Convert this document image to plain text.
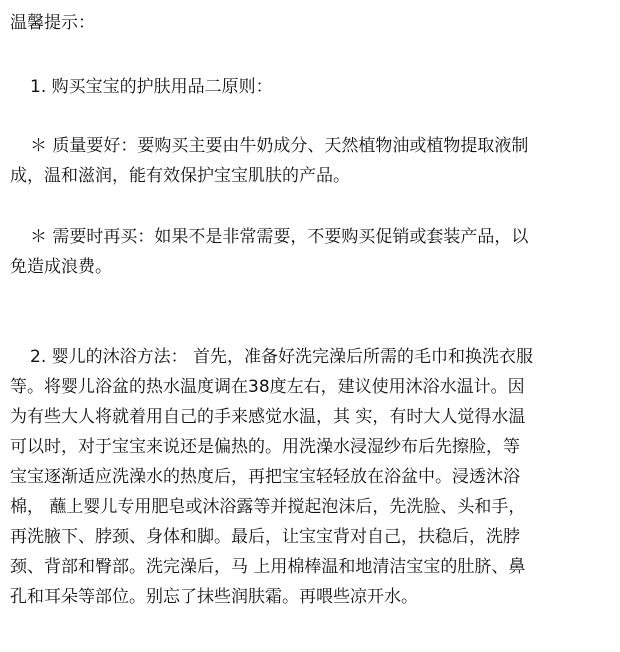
温馨提示：
1. 购买宝宝的护肤用品二原则：
＊ 质量要好：要购买主要由牛奶成分、天然植物油或植物提取液制
成，温和滋润，能有效保护宝宝肌肤的产品。
＊ 需要时再买：如果不是非常需要，不要购买促销或套装产品，以
免造成浪费。
2. 婴儿的沐浴方法： 首先，准备好洗完澡后所需的毛巾和换洗衣服
等。将婴儿浴盆的热水温度调在38度左右，建议使用沐浴水温计。因
为有些大人将就着用自己的手来感觉水温，其 实，有时大人觉得水温
可以时，对于宝宝来说还是偏热的。用洗澡水浸湿纱布后先擦脸，等
宝宝逐渐适应洗澡水的热度后，再把宝宝轻轻放在浴盆中。浸透沐浴
棉， 蘸上婴儿专用肥皂或沐浴露等并搅起泡沫后，先洗脸、头和手，
再洗腋下、脖颈、身体和脚。最后，让宝宝背对自己，扶稳后，洗脖
颈、背部和臀部。洗完澡后，马 上用棉棒温和地清洁宝宝的肚脐、鼻
孔和耳朵等部位。别忘了抹些润肤霜。再喂些凉开水。
